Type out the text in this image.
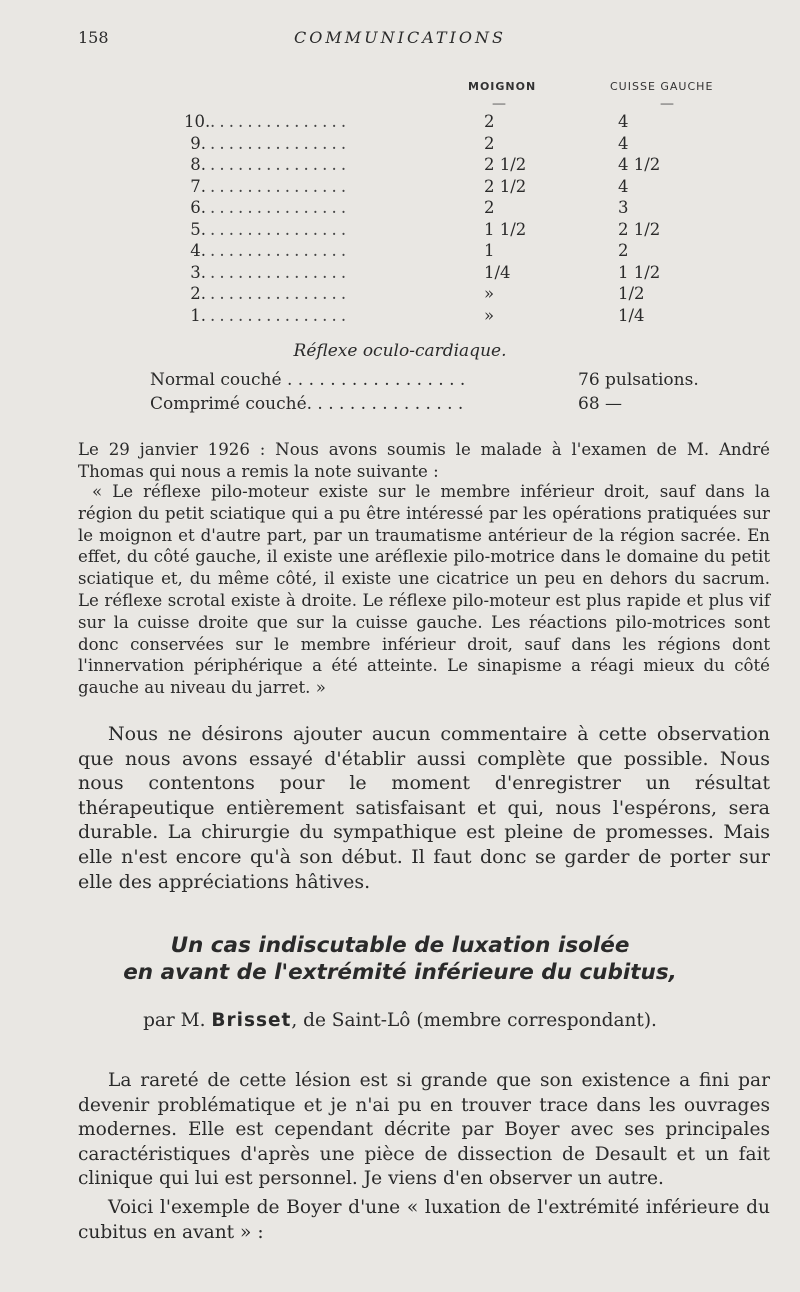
158	COMMUNICATIONS
MOIGNON	CUISSE GAUCHE
—	—
10. ...............	2	4
9. ...............	2	4
8. ...............	2 1/2	4 1/2
7. ...............	2 1/2	4
6. ...............	2	3
5. ...............	1 1/2	2 1/2
4. ...............	1	2
3. ...............	1/4	1 1/2
2. ...............	»	1/2
1. ...............	»	1/4
Réflexe oculo-cardiaque.
Normal couché . . . . . . . . . . . . . . . . .	76 pulsations.
Comprimé couché. . . . . . . . . . . . . . .	68 —

Le 29 janvier 1926 : Nous avons soumis le malade à l'examen de M. André Thomas qui nous a remis la note suivante :

« Le réflexe pilo-moteur existe sur le membre inférieur droit, sauf dans la région du petit sciatique qui a pu être intéressé par les opérations pratiquées sur le moignon et d'autre part, par un traumatisme antérieur de la région sacrée. En effet, du côté gauche, il existe une aréflexie pilo-motrice dans le domaine du petit sciatique et, du même côté, il existe une cicatrice un peu en dehors du sacrum. Le réflexe scrotal existe à droite. Le réflexe pilo-moteur est plus rapide et plus vif sur la cuisse droite que sur la cuisse gauche. Les réactions pilo-motrices sont donc conservées sur le membre inférieur droit, sauf dans les régions dont l'innervation périphérique a été atteinte. Le sinapisme a réagi mieux du côté gauche au niveau du jarret. »

Nous ne désirons ajouter aucun commentaire à cette observation que nous avons essayé d'établir aussi complète que possible. Nous nous contentons pour le moment d'enregistrer un résultat thérapeutique entièrement satisfaisant et qui, nous l'espérons, sera durable. La chirurgie du sympathique est pleine de promesses. Mais elle n'est encore qu'à son début. Il faut donc se garder de porter sur elle des appréciations hâtives.

Un cas indiscutable de luxation isolée
en avant de l'extrémité inférieure du cubitus,
par M. Brisset, de Saint-Lô (membre correspondant).

La rareté de cette lésion est si grande que son existence a fini par devenir problématique et je n'ai pu en trouver trace dans les ouvrages modernes. Elle est cependant décrite par Boyer avec ses principales caractéristiques d'après une pièce de dissection de Desault et un fait clinique qui lui est personnel. Je viens d'en observer un autre.

Voici l'exemple de Boyer d'une « luxation de l'extrémité inférieure du cubitus en avant » :
